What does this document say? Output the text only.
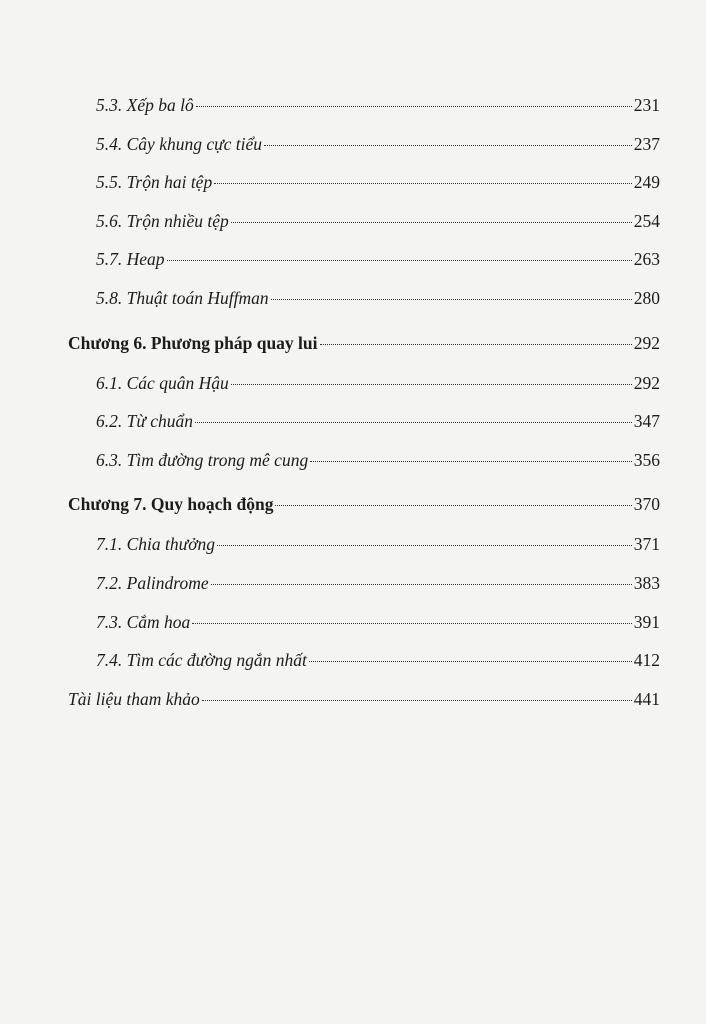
5.3. Xếp ba lô	231
5.4. Cây khung cực tiểu	237
5.5. Trộn hai tệp	249
5.6. Trộn nhiều tệp	254
5.7. Heap	263
5.8. Thuật toán Huffman	280
Chương 6. Phương pháp quay lui	292
6.1. Các quân Hậu	292
6.2. Từ chuẩn	347
6.3. Tìm đường trong mê cung	356
Chương 7. Quy hoạch động	370
7.1. Chia thưởng	371
7.2. Palindrome	383
7.3. Cắm hoa	391
7.4. Tìm các đường ngắn nhất	412
Tài liệu tham khảo	441
